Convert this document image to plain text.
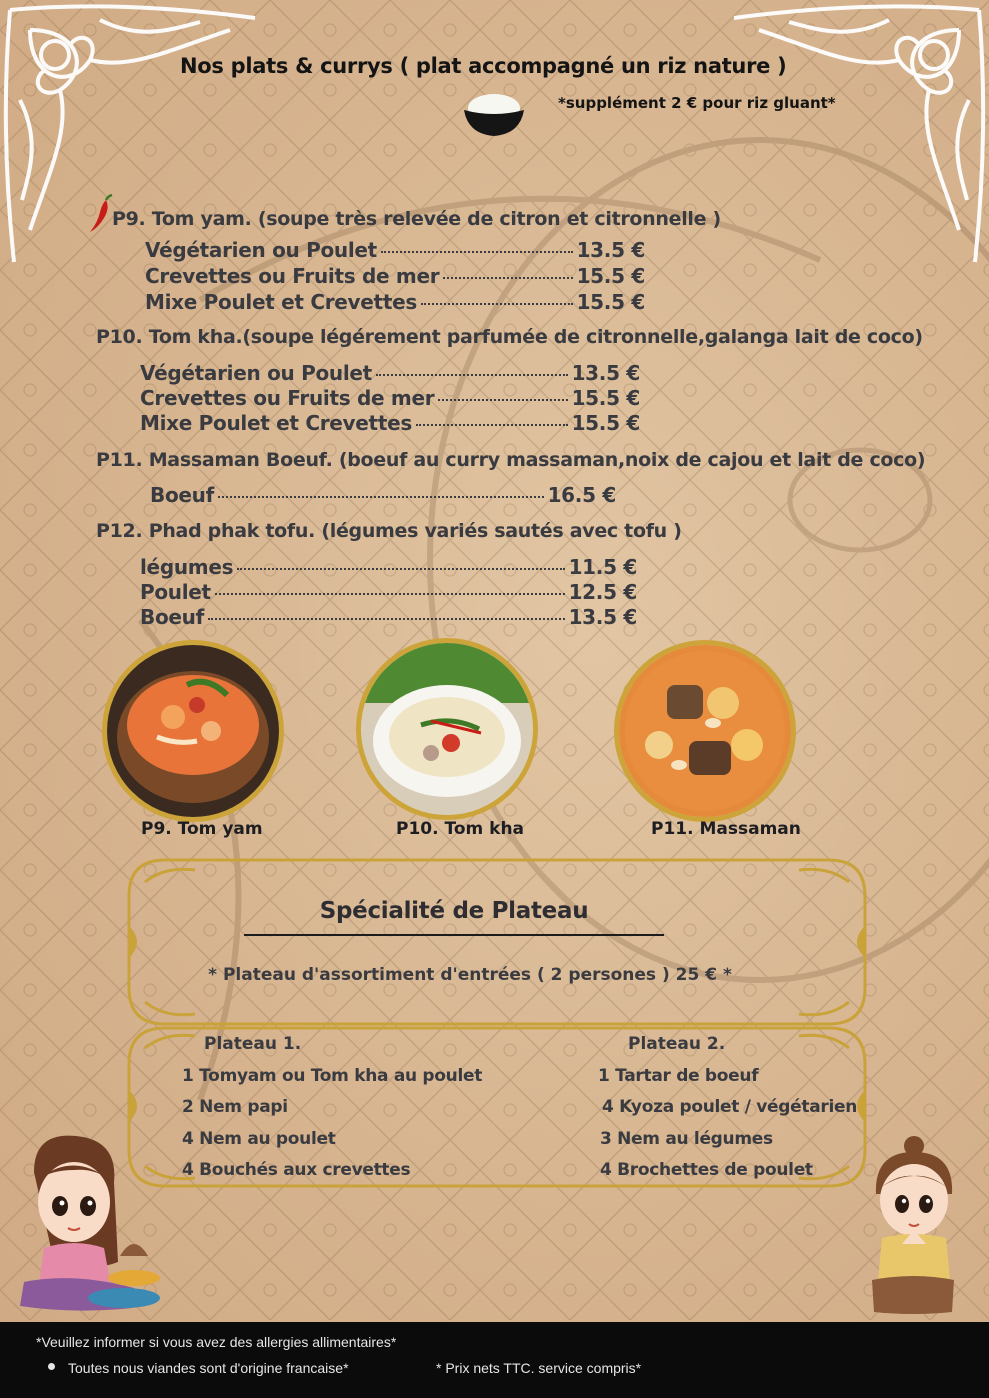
Nos plats & currys ( plat accompagné un riz nature )
*supplément 2 € pour riz gluant*
P9. Tom yam. (soupe très relevée de citron et citronnelle )
Végétarien ou Poulet	13.5 €
Crevettes ou Fruits de mer	15.5 €
Mixe Poulet et Crevettes	15.5 €
P10. Tom kha.(soupe légérement parfumée de citronnelle,galanga lait de coco)
Végétarien ou Poulet	13.5 €
Crevettes ou Fruits de mer	15.5 €
Mixe Poulet et Crevettes	15.5 €
P11. Massaman Boeuf. (boeuf au curry massaman,noix de cajou et lait de coco)
Boeuf	16.5 €
P12. Phad phak tofu. (légumes variés sautés avec tofu )
légumes	11.5 €
Poulet	12.5 €
Boeuf	13.5 €
P9. Tom yam	P10. Tom kha	P11. Massaman
Spécialité de Plateau
* Plateau d'assortiment d'entrées ( 2 persones ) 25 € *
Plateau 1.
1 Tomyam ou Tom kha au poulet
2 Nem papi
4 Nem au poulet
4 Bouchés aux crevettes
Plateau 2.
1 Tartar de boeuf
4 Kyoza poulet / végétarien
3 Nem au légumes
4 Brochettes de poulet
*Veuillez informer si vous avez des allergies allimentaires*
Toutes nous viandes sont d'origine francaise*	* Prix nets TTC. service compris*
